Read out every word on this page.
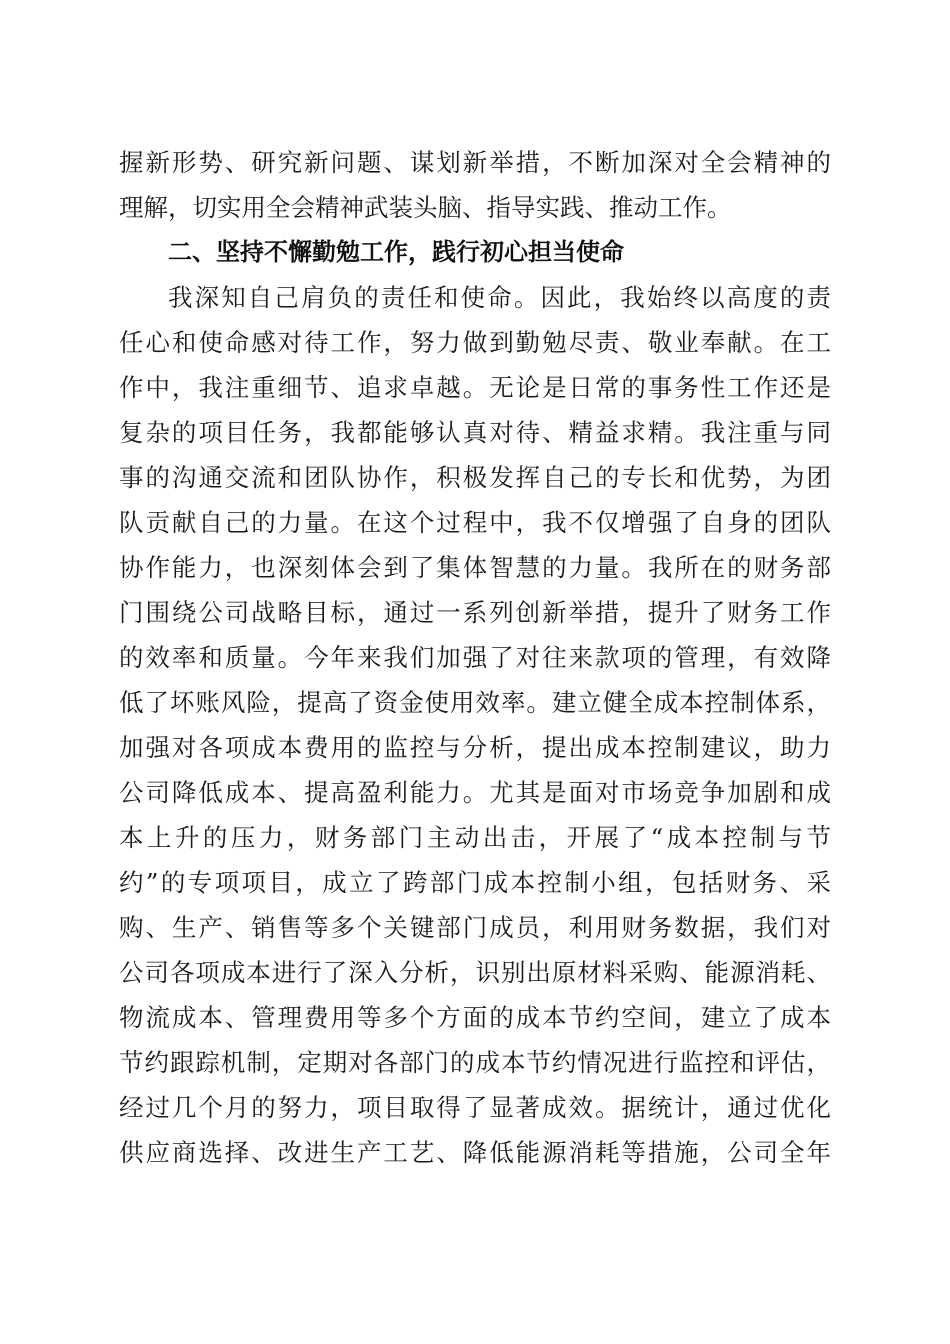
握新形势、研究新问题、谋划新举措，不断加深对全会精神的
理解，切实用全会精神武装头脑、指导实践、推动工作。
二、坚持不懈勤勉工作，践行初心担当使命
我深知自己肩负的责任和使命。因此，我始终以高度的责
任心和使命感对待工作，努力做到勤勉尽责、敬业奉献。在工
作中，我注重细节、追求卓越。无论是日常的事务性工作还是
复杂的项目任务，我都能够认真对待、精益求精。我注重与同
事的沟通交流和团队协作，积极发挥自己的专长和优势，为团
队贡献自己的力量。在这个过程中，我不仅增强了自身的团队
协作能力，也深刻体会到了集体智慧的力量。我所在的财务部
门围绕公司战略目标，通过一系列创新举措，提升了财务工作
的效率和质量。今年来我们加强了对往来款项的管理，有效降
低了坏账风险，提高了资金使用效率。建立健全成本控制体系，
加强对各项成本费用的监控与分析，提出成本控制建议，助力
公司降低成本、提高盈利能力。尤其是面对市场竞争加剧和成
本上升的压力，财务部门主动出击，开展了“成本控制与节
约”的专项项目，成立了跨部门成本控制小组，包括财务、采
购、生产、销售等多个关键部门成员，利用财务数据，我们对
公司各项成本进行了深入分析，识别出原材料采购、能源消耗、
物流成本、管理费用等多个方面的成本节约空间，建立了成本
节约跟踪机制，定期对各部门的成本节约情况进行监控和评估，
经过几个月的努力，项目取得了显著成效。据统计，通过优化
供应商选择、改进生产工艺、降低能源消耗等措施，公司全年
